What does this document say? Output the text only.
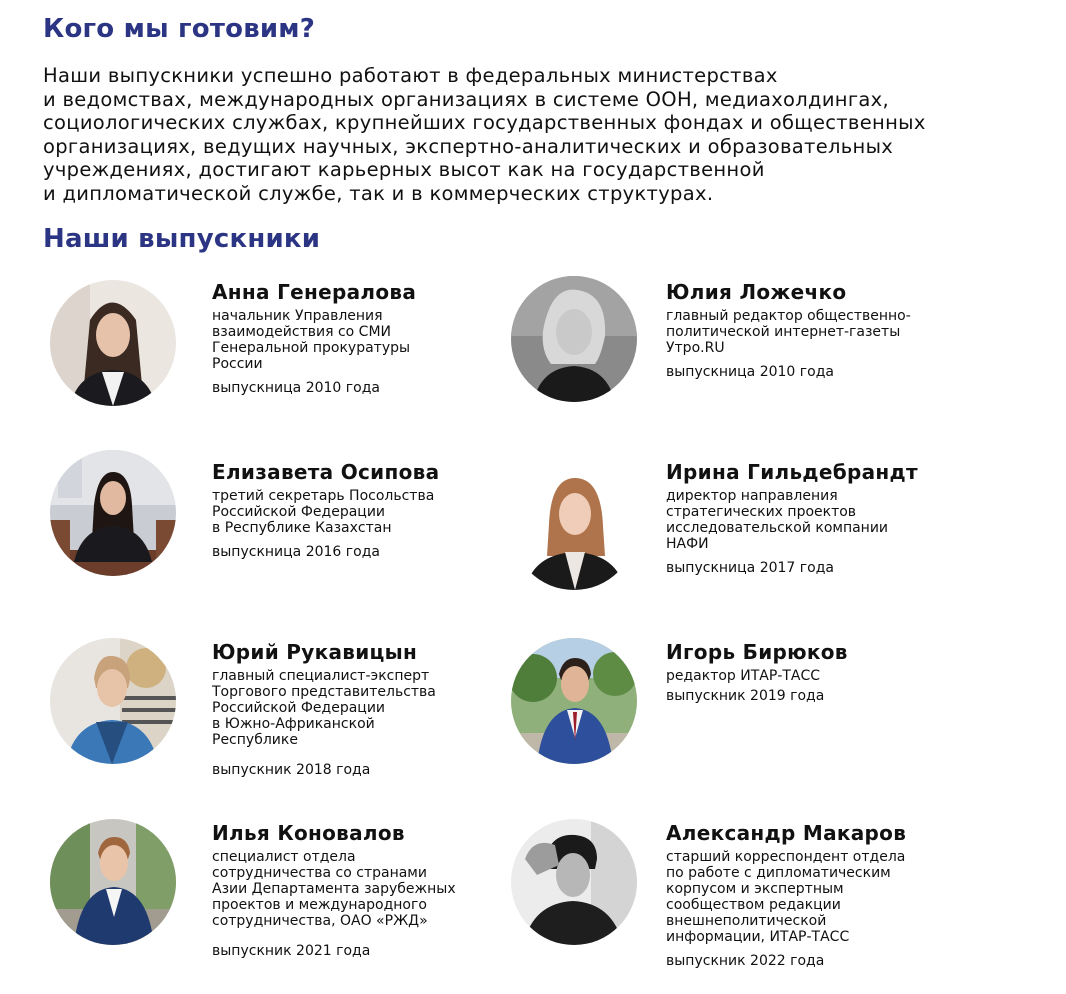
Кого мы готовим?
Наши выпускники успешно работают в федеральных министерствах
и ведомствах, международных организациях в системе ООН, медиахолдингах,
социологических службах, крупнейших государственных фондах и общественных
организациях, ведущих научных, экспертно-аналитических и образовательных
учреждениях, достигают карьерных высот как на государственной
и дипломатической службе, так и в коммерческих структурах.
Наши выпускники
Анна Генералова
начальник Управления
взаимодействия со СМИ
Генеральной прокуратуры
России
выпускница 2010 года
Юлия Ложечко
главный редактор общественно-
политической интернет-газеты
Утро.RU
выпускница 2010 года
Елизавета Осипова
третий секретарь Посольства
Российской Федерации
в Республике Казахстан
выпускница 2016 года
Ирина Гильдебрандт
директор направления
стратегических проектов
исследовательской компании
НАФИ
выпускница 2017 года
Юрий Рукавицын
главный специалист-эксперт
Торгового представительства
Российской Федерации
в Южно-Африканской
Республике
выпускник 2018 года
Игорь Бирюков
редактор ИТАР-ТАСС
выпускник 2019 года
Илья Коновалов
специалист отдела
сотрудничества со странами
Азии Департамента зарубежных
проектов и международного
сотрудничества, ОАО «РЖД»
выпускник 2021 года
Александр Макаров
старший корреспондент отдела
по работе с дипломатическим
корпусом и экспертным
сообществом редакции
внешнеполитической
информации, ИТАР-ТАСС
выпускник 2022 года
